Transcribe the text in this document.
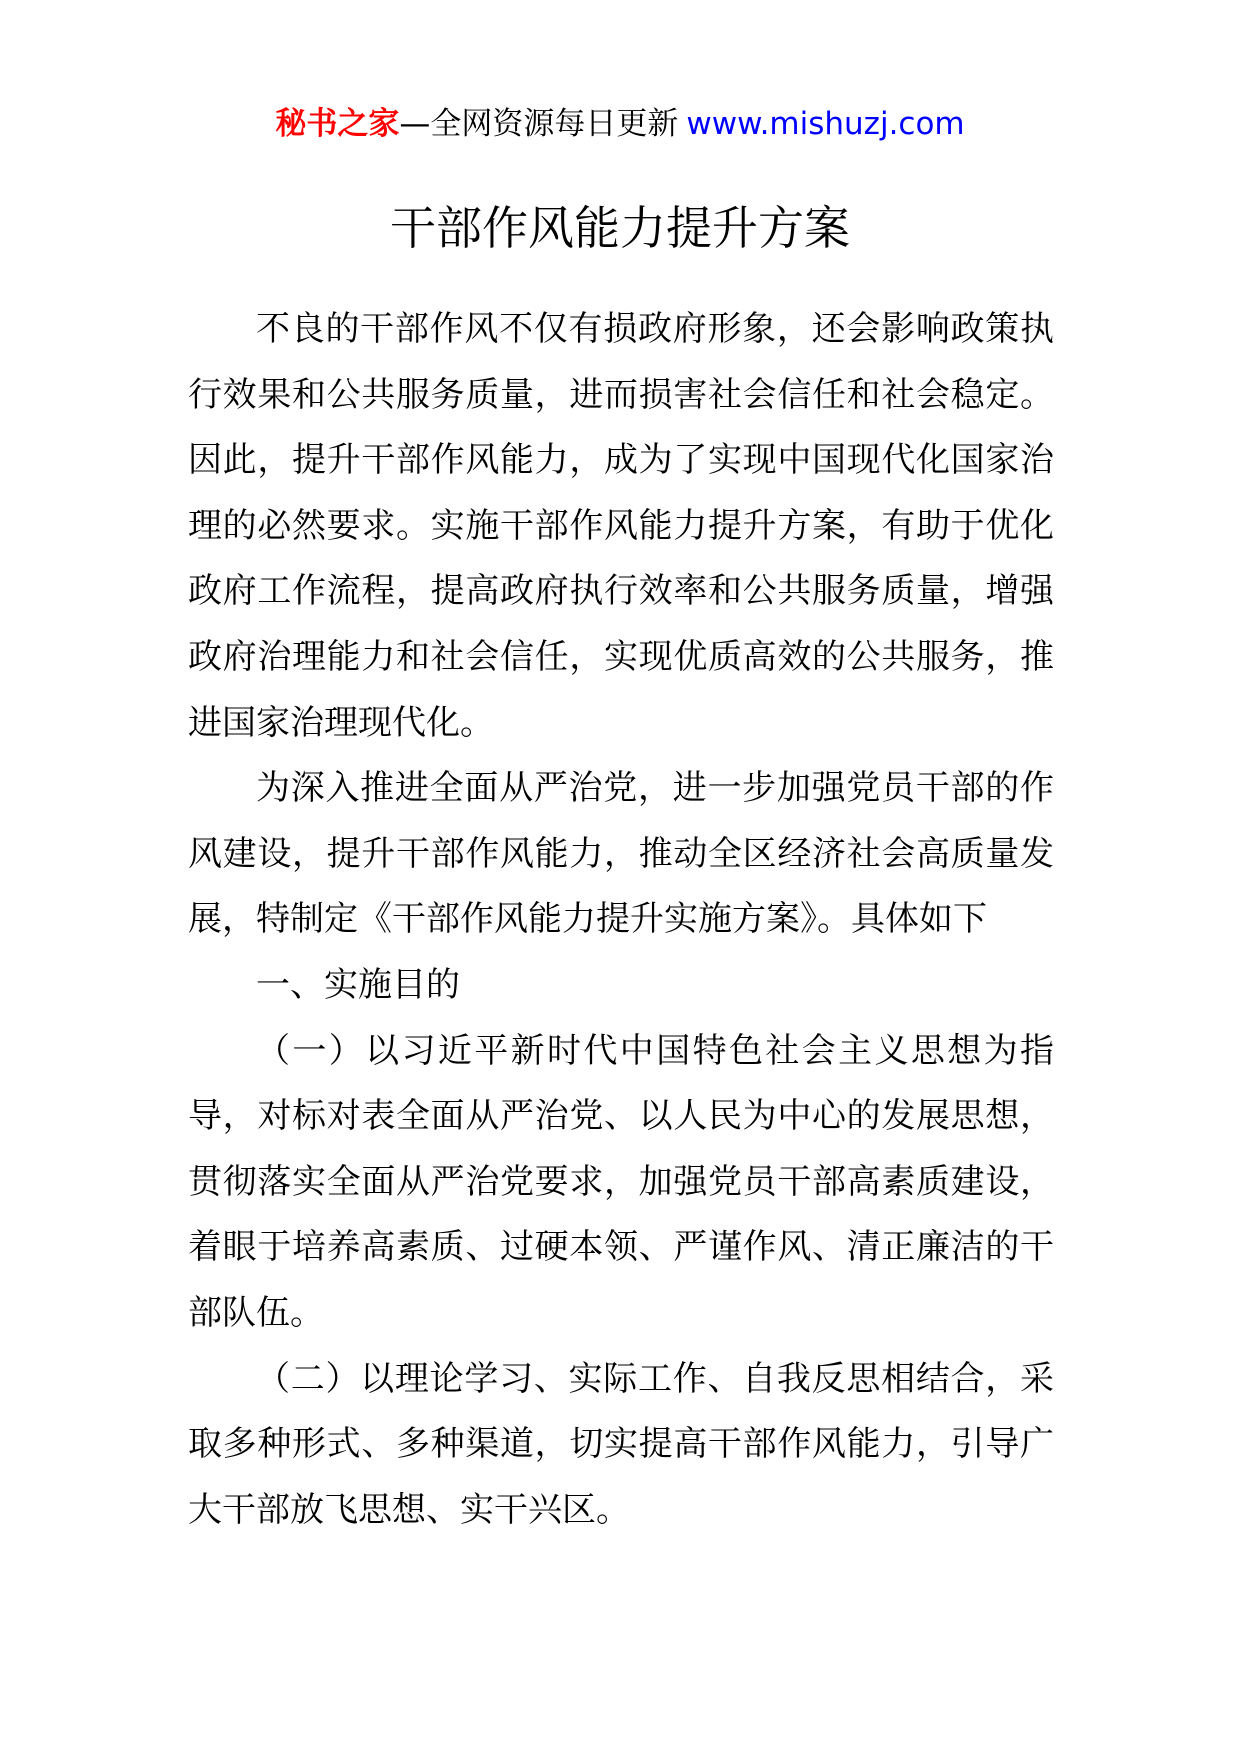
秘书之家—全网资源每日更新 www.mishuzj.com
干部作风能力提升方案

不良的干部作风不仅有损政府形象，还会影响政策执行效果和公共服务质量，进而损害社会信任和社会稳定。因此，提升干部作风能力，成为了实现中国现代化国家治理的必然要求。实施干部作风能力提升方案，有助于优化政府工作流程，提高政府执行效率和公共服务质量，增强政府治理能力和社会信任，实现优质高效的公共服务，推进国家治理现代化。

为深入推进全面从严治党，进一步加强党员干部的作风建设，提升干部作风能力，推动全区经济社会高质量发展，特制定《干部作风能力提升实施方案》。具体如下

一、实施目的

（一）以习近平新时代中国特色社会主义思想为指导，对标对表全面从严治党、以人民为中心的发展思想，贯彻落实全面从严治党要求，加强党员干部高素质建设，着眼于培养高素质、过硬本领、严谨作风、清正廉洁的干部队伍。

（二）以理论学习、实际工作、自我反思相结合，采取多种形式、多种渠道，切实提高干部作风能力，引导广大干部放飞思想、实干兴区。
